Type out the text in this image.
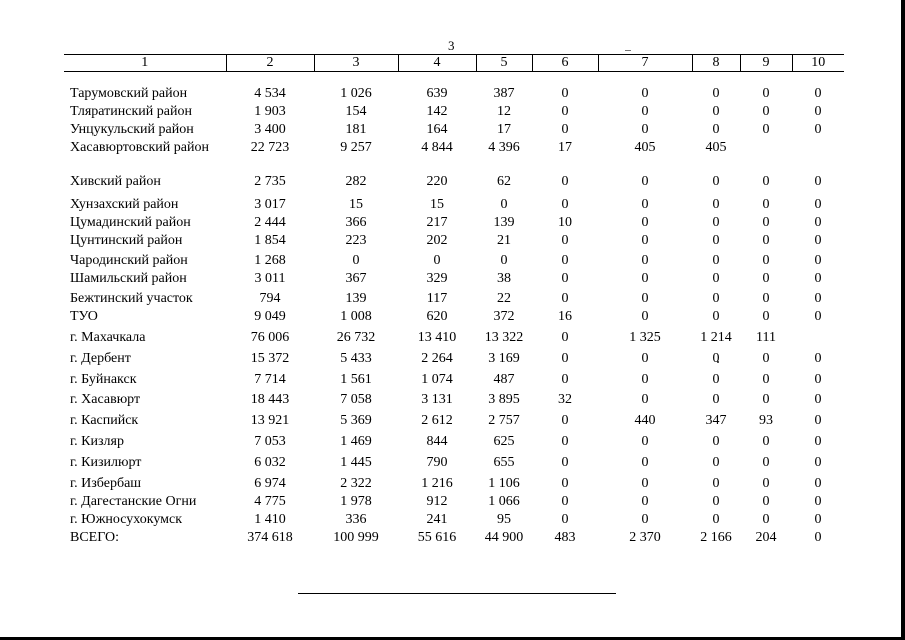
3
1	2	3	4	5	6	7	8	9	10

Тарумовский район	4 534	1 026	639	387	0	0	0	0	0
Тляратинский район	1 903	154	142	12	0	0	0	0	0
Унцукульский район	3 400	181	164	17	0	0	0	0	0
Хасавюртовский район	22 723	9 257	4 844	4 396	17	405	405		
Хивский район	2 735	282	220	62	0	0	0	0	0
Хунзахский район	3 017	15	15	0	0	0	0	0	0
Цумадинский район	2 444	366	217	139	10	0	0	0	0
Цунтинский район	1 854	223	202	21	0	0	0	0	0
Чародинский район	1 268	0	0	0	0	0	0	0	0
Шамильский район	3 011	367	329	38	0	0	0	0	0
Бежтинский участок	794	139	117	22	0	0	0	0	0
ТУО	9 049	1 008	620	372	16	0	0	0	0
г. Махачкала	76 006	26 732	13 410	13 322	0	1 325	1 214	111	
г. Дербент	15 372	5 433	2 264	3 169	0	0	0	0	0
г. Буйнакск	7 714	1 561	1 074	487	0	0	0	0	0
г. Хасавюрт	18 443	7 058	3 131	3 895	32	0	0	0	0
г. Каспийск	13 921	5 369	2 612	2 757	0	440	347	93	0
г. Кизляр	7 053	1 469	844	625	0	0	0	0	0
г. Кизилюрт	6 032	1 445	790	655	0	0	0	0	0
г. Избербаш	6 974	2 322	1 216	1 106	0	0	0	0	0
г. Дагестанские Огни	4 775	1 978	912	1 066	0	0	0	0	0
г. Южносухокумск	1 410	336	241	95	0	0	0	0	0
ВСЕГО:	374 618	100 999	55 616	44 900	483	2 370	2 166	204	0
